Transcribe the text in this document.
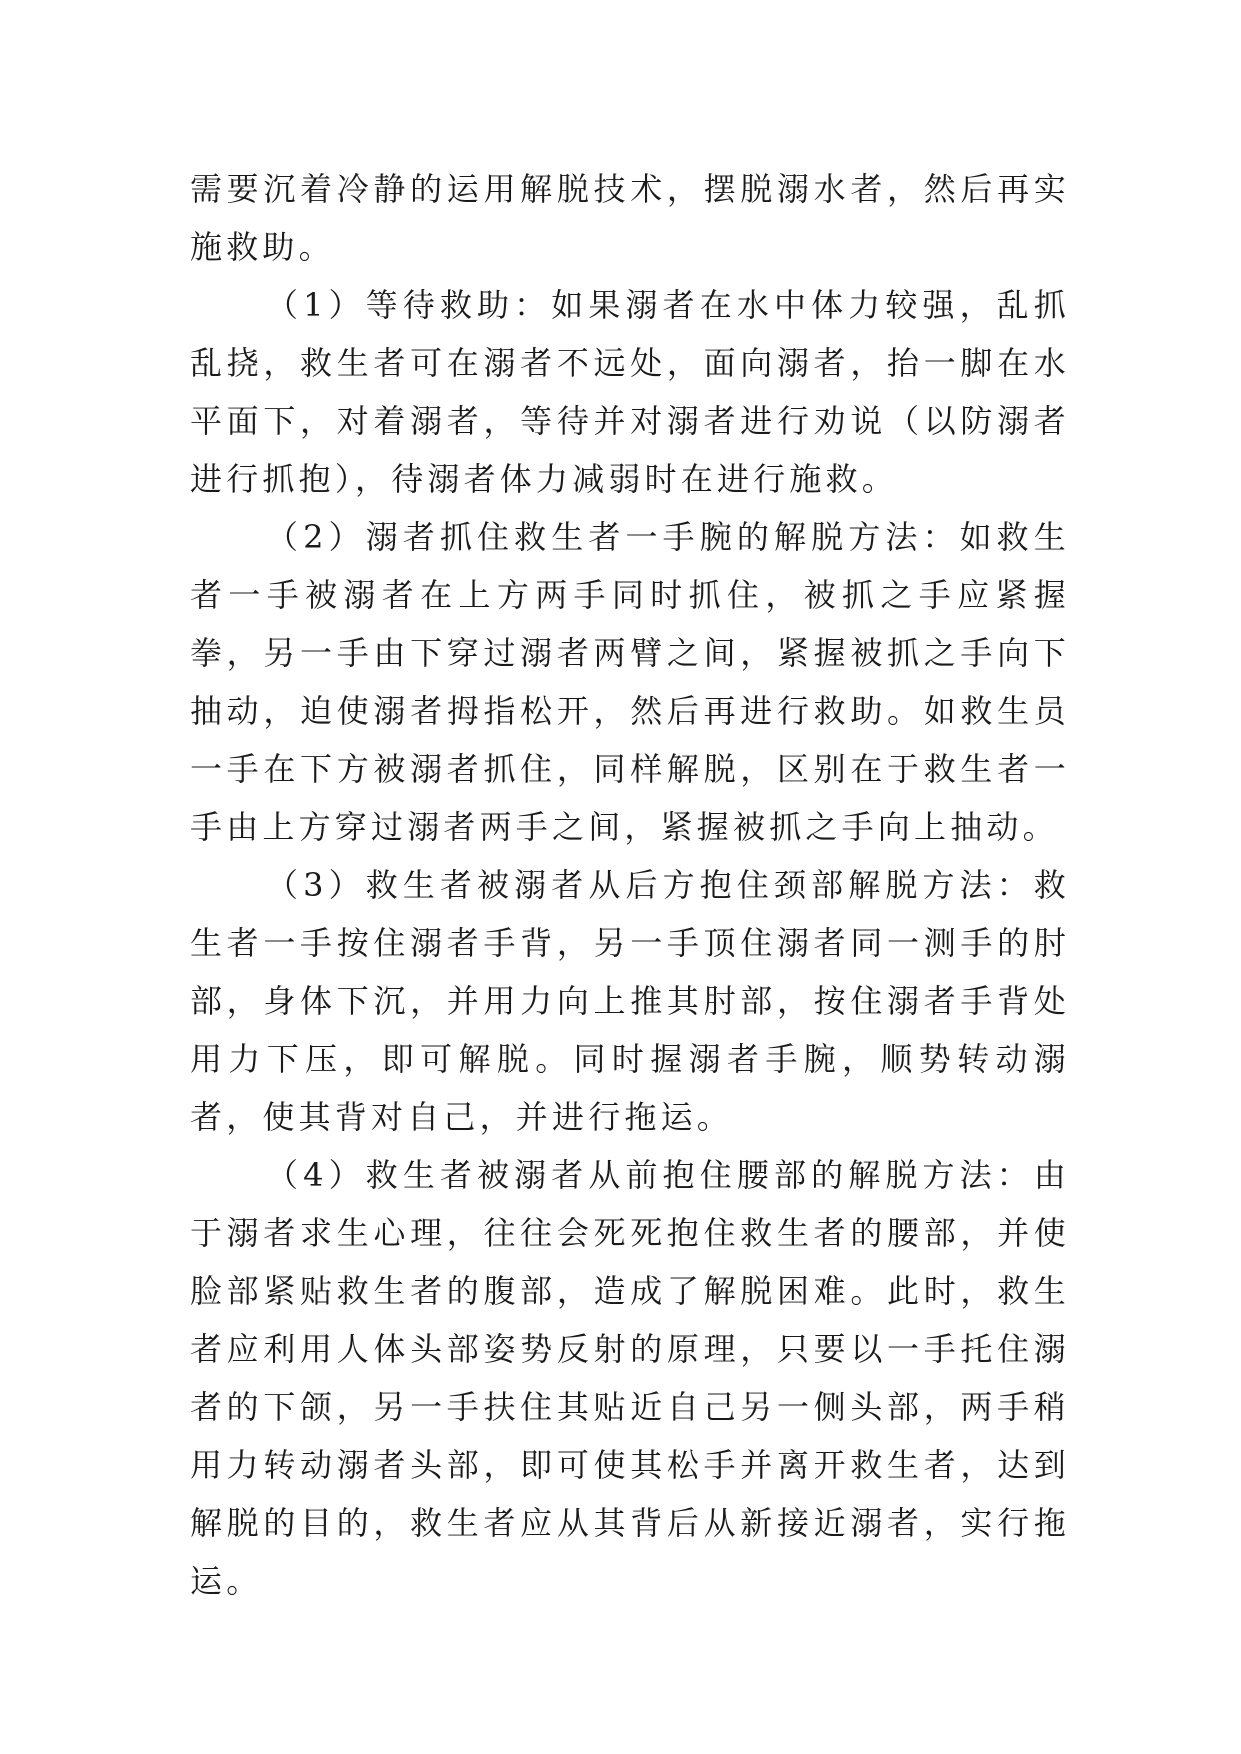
需要沉着冷静的运用解脱技术，摆脱溺水者，然后再实施救助。

（1）等待救助：如果溺者在水中体力较强，乱抓乱挠，救生者可在溺者不远处，面向溺者，抬一脚在水平面下，对着溺者，等待并对溺者进行劝说（以防溺者进行抓抱），待溺者体力减弱时在进行施救。

（2）溺者抓住救生者一手腕的解脱方法：如救生者一手被溺者在上方两手同时抓住，被抓之手应紧握拳，另一手由下穿过溺者两臂之间，紧握被抓之手向下抽动，迫使溺者拇指松开，然后再进行救助。如救生员一手在下方被溺者抓住，同样解脱，区别在于救生者一手由上方穿过溺者两手之间，紧握被抓之手向上抽动。

（3）救生者被溺者从后方抱住颈部解脱方法：救生者一手按住溺者手背，另一手顶住溺者同一测手的肘部，身体下沉，并用力向上推其肘部，按住溺者手背处用力下压，即可解脱。同时握溺者手腕，顺势转动溺者，使其背对自己，并进行拖运。

（4）救生者被溺者从前抱住腰部的解脱方法：由于溺者求生心理，往往会死死抱住救生者的腰部，并使脸部紧贴救生者的腹部，造成了解脱困难。此时，救生者应利用人体头部姿势反射的原理，只要以一手托住溺者的下颌，另一手扶住其贴近自己另一侧头部，两手稍用力转动溺者头部，即可使其松手并离开救生者，达到解脱的目的，救生者应从其背后从新接近溺者，实行拖运。
